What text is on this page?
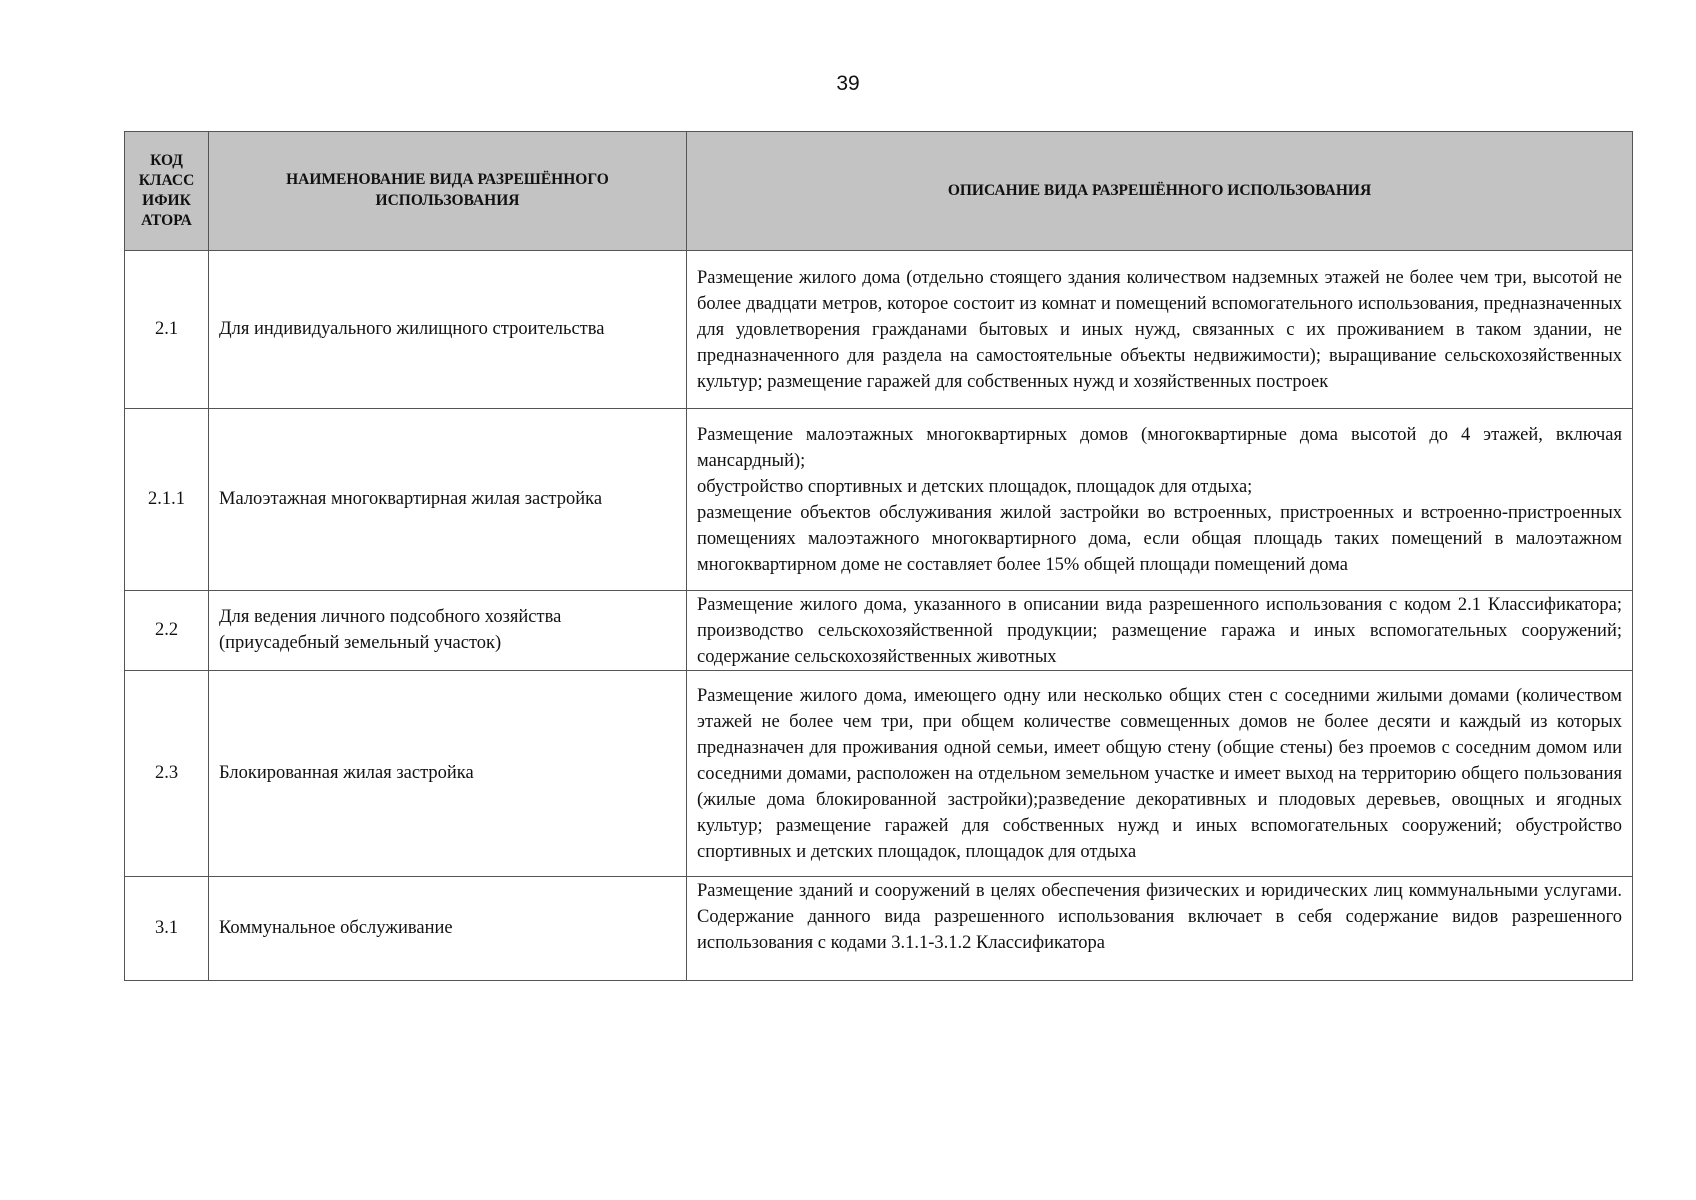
39
КОД КЛАСС ИФИК АТОРА	НАИМЕНОВАНИЕ ВИДА РАЗРЕШЁННОГО ИСПОЛЬЗОВАНИЯ	ОПИСАНИЕ ВИДА РАЗРЕШЁННОГО ИСПОЛЬЗОВАНИЯ
2.1	Для индивидуального жилищного строительства	Размещение жилого дома (отдельно стоящего здания количеством надземных этажей не более чем три, высотой не более двадцати метров, которое состоит из комнат и помещений вспомогательного использования, предназначенных для удовлетворения гражданами бытовых и иных нужд, связанных с их проживанием в таком здании, не предназначенного для раздела на самостоятельные объекты недвижимости); выращивание сельскохозяйственных культур; размещение гаражей для собственных нужд и хозяйственных построек
2.1.1	Малоэтажная многоквартирная жилая застройка	Размещение малоэтажных многоквартирных домов (многоквартирные дома высотой до 4 этажей, включая мансардный);
обустройство спортивных и детских площадок, площадок для отдыха;
размещение объектов обслуживания жилой застройки во встроенных, пристроенных и встроенно-пристроенных помещениях малоэтажного многоквартирного дома, если общая площадь таких помещений в малоэтажном многоквартирном доме не составляет более 15% общей площади помещений дома

2.2	Для ведения личного подсобного хозяйства (приусадебный земельный участок)	Размещение жилого дома, указанного в описании вида разрешенного использования с кодом 2.1 Классификатора; производство сельскохозяйственной продукции; размещение гаража и иных вспомогательных сооружений; содержание сельскохозяйственных животных
2.3	Блокированная жилая застройка	Размещение жилого дома, имеющего одну или несколько общих стен с соседними жилыми домами (количеством этажей не более чем три, при общем количестве совмещенных домов не более десяти и каждый из которых предназначен для проживания одной семьи, имеет общую стену (общие стены) без проемов с соседним домом или соседними домами, расположен на отдельном земельном участке и имеет выход на территорию общего пользования (жилые дома блокированной застройки);разведение декоративных и плодовых деревьев, овощных и ягодных культур; размещение гаражей для собственных нужд и иных вспомогательных сооружений; обустройство спортивных и детских площадок, площадок для отдыха
3.1	Коммунальное обслуживание	Размещение зданий и сооружений в целях обеспечения физических и юридических лиц коммунальными услугами. Содержание данного вида разрешенного использования включает в себя содержание видов разрешенного использования с кодами 3.1.1-3.1.2 Классификатора
